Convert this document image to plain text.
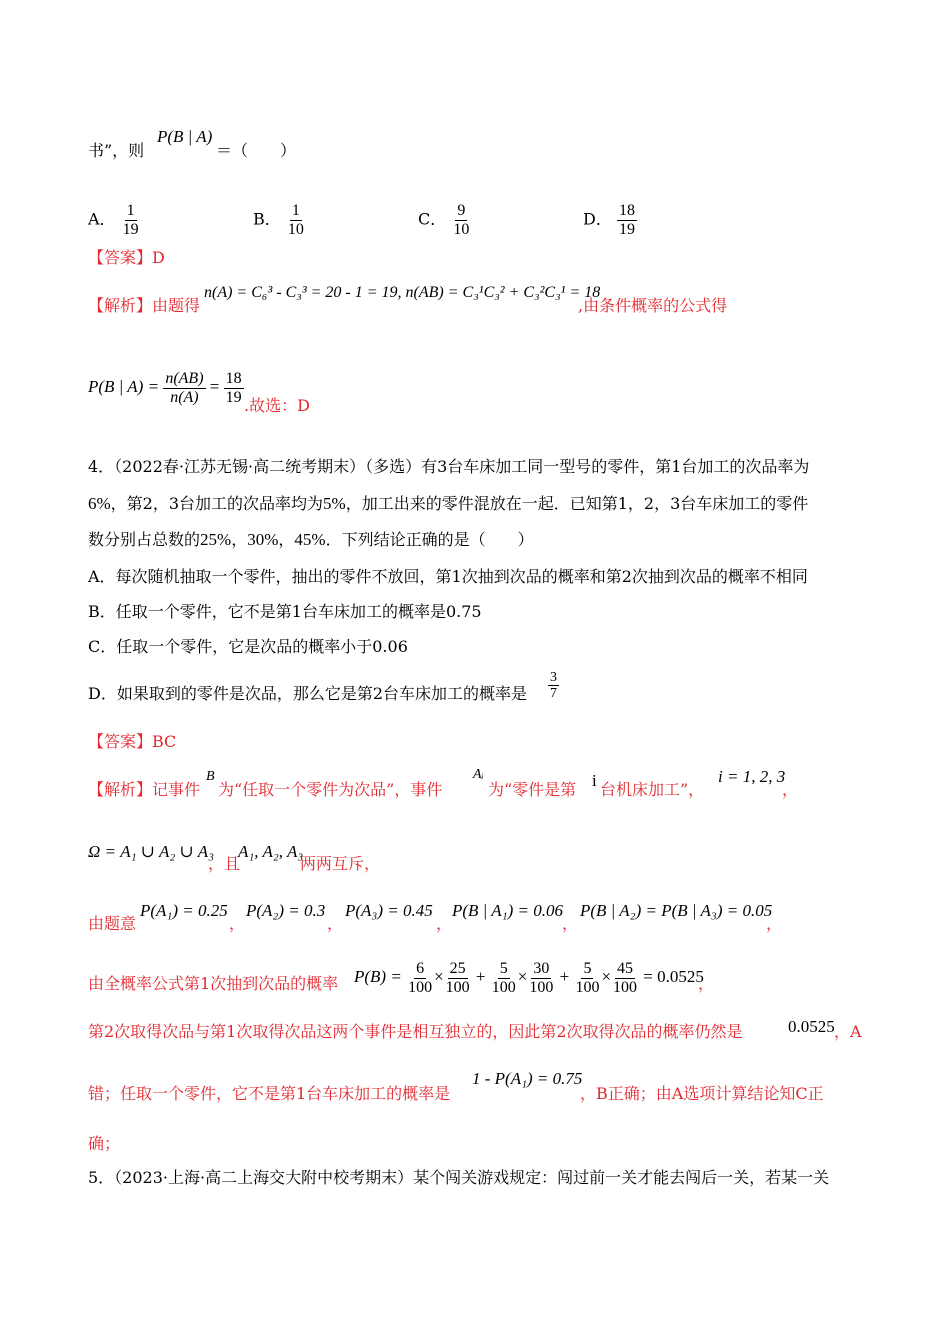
书”，则
P(B | A)
＝（　　）
A． $\frac{1}{19}$	B． $\frac{1}{10}$	C． $\frac{9}{10}$	D． $\frac{18}{19}$
【答案】D
【解析】由题得
n(A) = C₆³ - C₃³ = 20 - 1 = 19, n(AB) = C₃¹C₃² + C₃²C₃¹ = 18
,由条件概率的公式得
P(B | $A) = \frac{n(AB)}{n(A)} = \frac{18}{19}$ .故选：D
4．（2022春·江苏无锡·高二统考期末）（多选）有3台车床加工同一型号的零件，第1台加工的次品率为
6%，第2，3台加工的次品率均为5%，加工出来的零件混放在一起．已知第1，2，3台车床加工的零件
数分别占总数的25%，30%，45%．下列结论正确的是（　　）
A．每次随机抽取一个零件，抽出的零件不放回，第1次抽到次品的概率和第2次抽到次品的概率不相同
B．任取一个零件，它不是第1台车床加工的概率是0.75
C．任取一个零件，它是次品的概率小于0.06
D．如果取到的零件是次品，那么它是第2台车床加工的概率是 $\frac{3}{7}$
【答案】BC
【解析】记事件
B
为“任取一个零件为次品”，事件
Aᵢ
为“零件是第 i 台机床加工”，
i = 1, 2, 3
，
Ω = A₁ ∪ A₂ ∪ A₃
，且
A₁, A₂, A₃
两两互斥，
由题意
P(A₁) = 0.25
，
P(A₂) = 0.3
，
P(A₃) = 0.45
，
P(B | A₁) = 0.06
，
P(B | A₂) = P(B | A₃) = 0.05
，
由全概率公式第1次抽到次品的概率 $P(B) = \frac{6}{100} \times \frac{25}{100} + \frac{5}{100} \times \frac{30}{100} + \frac{5}{100} \times \frac{45}{100} = 0.0525$
，
第2次取得次品与第1次取得次品这两个事件是相互独立的，因此第2次取得次品的概率仍然是	0.0525 ，A
错；任取一个零件，它不是第1台车床加工的概率是
1 - P(A₁) = 0.75
，B正确；由A选项计算结论知C正
确；
5．（2023·上海·高二上海交大附中校考期末）某个闯关游戏规定：闯过前一关才能去闯后一关，若某一关
